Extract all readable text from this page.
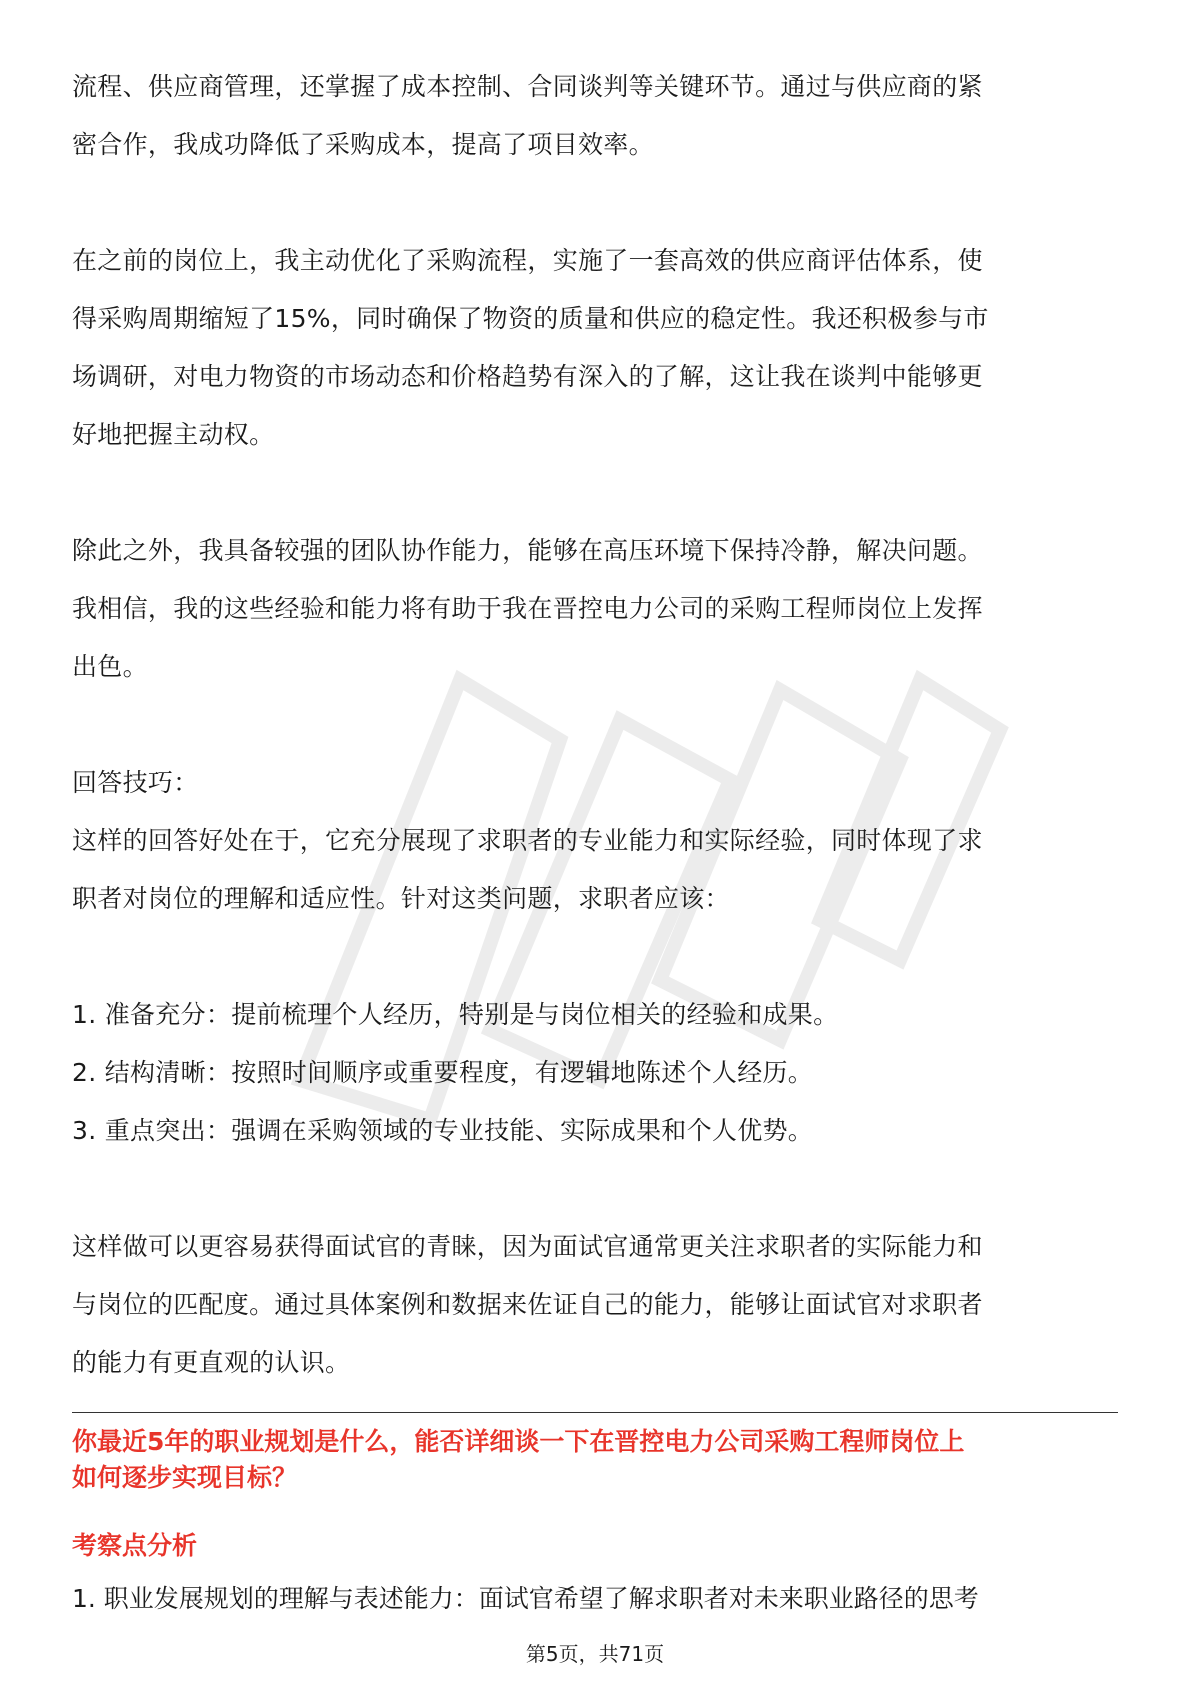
流程、供应商管理，还掌握了成本控制、合同谈判等关键环节。通过与供应商的紧

密合作，我成功降低了采购成本，提高了项目效率。

在之前的岗位上，我主动优化了采购流程，实施了一套高效的供应商评估体系，使

得采购周期缩短了15%，同时确保了物资的质量和供应的稳定性。我还积极参与市

场调研，对电力物资的市场动态和价格趋势有深入的了解，这让我在谈判中能够更

好地把握主动权。

除此之外，我具备较强的团队协作能力，能够在高压环境下保持冷静，解决问题。

我相信，我的这些经验和能力将有助于我在晋控电力公司的采购工程师岗位上发挥

出色。

回答技巧：

这样的回答好处在于，它充分展现了求职者的专业能力和实际经验，同时体现了求

职者对岗位的理解和适应性。针对这类问题，求职者应该：

1. 准备充分：提前梳理个人经历，特别是与岗位相关的经验和成果。

2. 结构清晰：按照时间顺序或重要程度，有逻辑地陈述个人经历。

3. 重点突出：强调在采购领域的专业技能、实际成果和个人优势。

这样做可以更容易获得面试官的青睐，因为面试官通常更关注求职者的实际能力和

与岗位的匹配度。通过具体案例和数据来佐证自己的能力，能够让面试官对求职者

的能力有更直观的认识。

你最近5年的职业规划是什么，能否详细谈一下在晋控电力公司采购工程师岗位上
如何逐步实现目标？
考察点分析
1. 职业发展规划的理解与表述能力：面试官希望了解求职者对未来职业路径的思考
第5页，共71页
